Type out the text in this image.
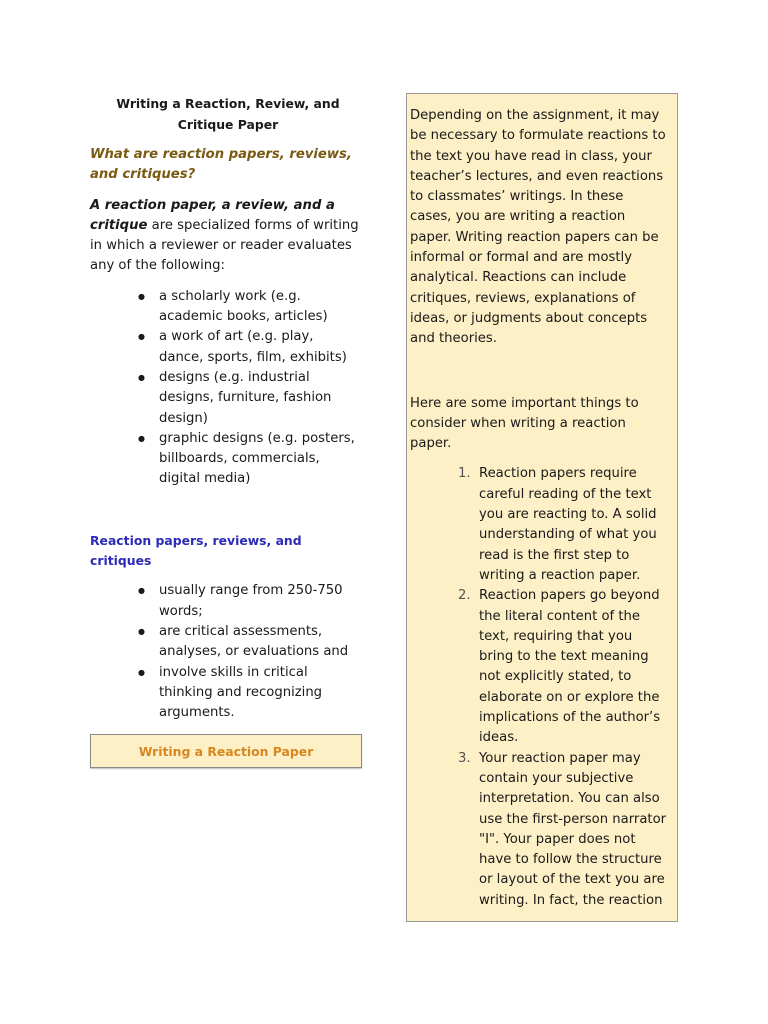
Writing a Reaction, Review, and Critique Paper
What are reaction papers, reviews, and critiques?
A reaction paper, a review, and a critique are specialized forms of writing in which a reviewer or reader evaluates any of the following:
● a scholarly work (e.g. academic books, articles)
● a work of art (e.g. play, dance, sports, film, exhibits)
● designs (e.g. industrial designs, furniture, fashion design)
● graphic designs (e.g. posters, billboards, commercials, digital media)
Reaction papers, reviews, and critiques
● usually range from 250-750 words;
● are critical assessments, analyses, or evaluations and
● involve skills in critical thinking and recognizing arguments.
Writing a Reaction Paper

Depending on the assignment, it may be necessary to formulate reactions to the text you have read in class, your teacher’s lectures, and even reactions to classmates’ writings. In these cases, you are writing a reaction paper. Writing reaction papers can be informal or formal and are mostly analytical. Reactions can include critiques, reviews, explanations of ideas, or judgments about concepts and theories.

Here are some important things to consider when writing a reaction paper.

1. Reaction papers require careful reading of the text you are reacting to. A solid understanding of what you read is the first step to writing a reaction paper.
2. Reaction papers go beyond the literal content of the text, requiring that you bring to the text meaning not explicitly stated, to elaborate on or explore the implications of the author’s ideas.
3. Your reaction paper may contain your subjective interpretation. You can also use the first-person narrator "I". Your paper does not have to follow the structure or layout of the text you are writing. In fact, the reaction
